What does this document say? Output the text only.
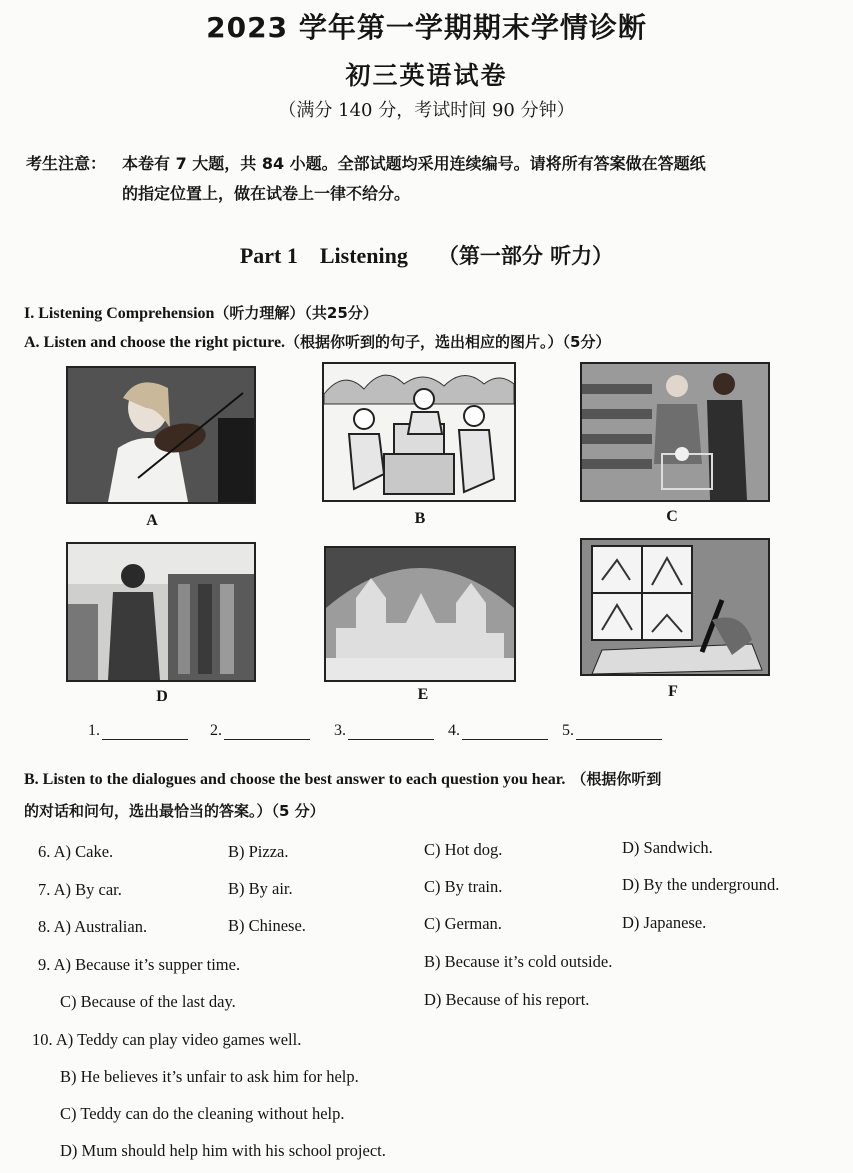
2023 学年第一学期期末学情诊断
初三英语试卷
（满分 140 分，考试时间 90 分钟）
考生注意： 本卷有 7 大题，共 84 小题。全部试题均采用连续编号。请将所有答案做在答题纸
的指定位置上，做在试卷上一律不给分。
Part 1    Listening （第一部分 听力）
I. Listening Comprehension（听力理解）（共25分）
A. Listen and choose the right picture.（根据你听到的句子，选出相应的图片。）（5分）
A	B	C
D	E	F
1.	2.	3.	4.	5.
B. Listen to the dialogues and choose the best answer to each question you hear. （根据你听到
的对话和问句，选出最恰当的答案。）（5 分）
6. A) Cake.	B) Pizza.	C) Hot dog.	D) Sandwich.
7. A) By car.	B) By air.	C) By train.	D) By the underground.
8. A) Australian.	B) Chinese.	C) German.	D) Japanese.
9. A) Because it’s supper time.	B) Because it’s cold outside.
C) Because of the last day.	D) Because of his report.
10. A) Teddy can play video games well.
B) He believes it’s unfair to ask him for help.
C) Teddy can do the cleaning without help.
D) Mum should help him with his school project.
